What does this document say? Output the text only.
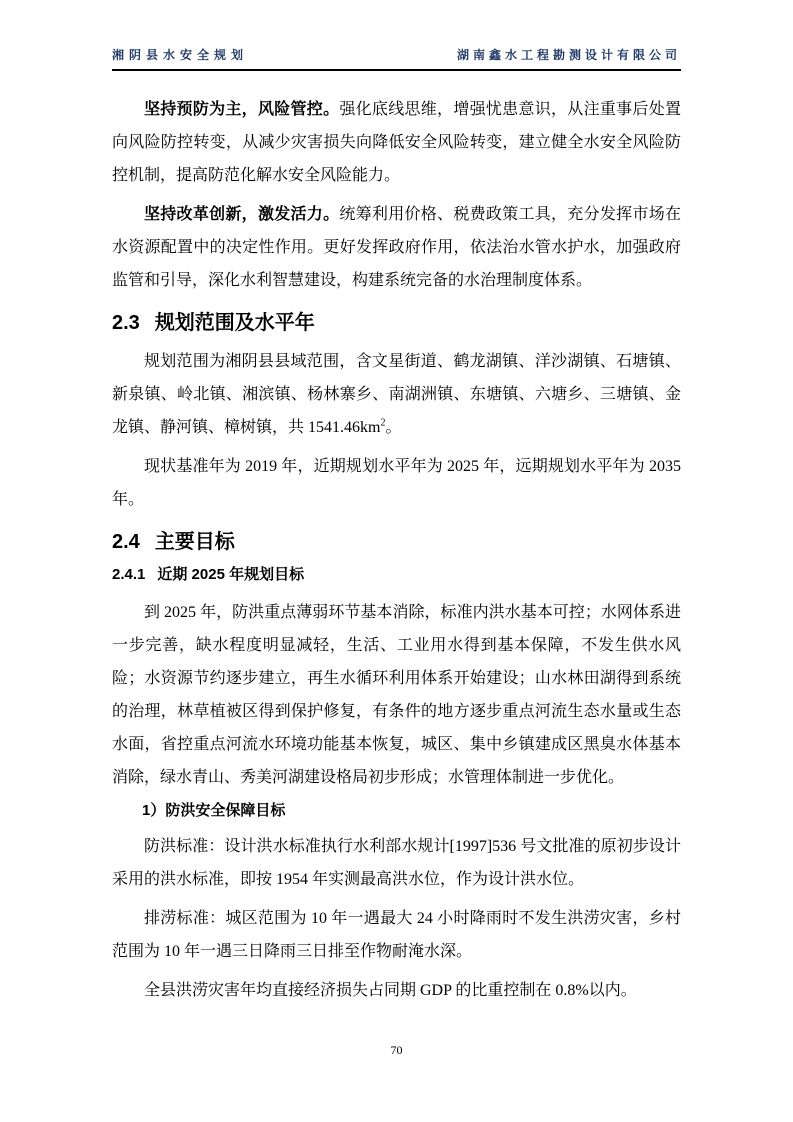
湘阴县水安全规划	湖南鑫水工程勘测设计有限公司

坚持预防为主，风险管控。强化底线思维，增强忧患意识，从注重事后处置向风险防控转变，从减少灾害损失向降低安全风险转变，建立健全水安全风险防控机制，提高防范化解水安全风险能力。

坚持改革创新，激发活力。统筹利用价格、税费政策工具，充分发挥市场在水资源配置中的决定性作用。更好发挥政府作用，依法治水管水护水，加强政府监管和引导，深化水利智慧建设，构建系统完备的水治理制度体系。

2.3 规划范围及水平年

规划范围为湘阴县县域范围，含文星街道、鹤龙湖镇、洋沙湖镇、石塘镇、新泉镇、岭北镇、湘滨镇、杨林寨乡、南湖洲镇、东塘镇、六塘乡、三塘镇、金龙镇、静河镇、樟树镇，共 $1541.46km^2$。

现状基准年为 2019 年，近期规划水平年为 2025 年，远期规划水平年为 2035 年。

2.4 主要目标
2.4.1 近期 2025 年规划目标

到 2025 年，防洪重点薄弱环节基本消除，标准内洪水基本可控；水网体系进一步完善，缺水程度明显减轻，生活、工业用水得到基本保障，不发生供水风险；水资源节约逐步建立，再生水循环利用体系开始建设；山水林田湖得到系统的治理，林草植被区得到保护修复，有条件的地方逐步重点河流生态水量或生态水面，省控重点河流水环境功能基本恢复，城区、集中乡镇建成区黑臭水体基本消除，绿水青山、秀美河湖建设格局初步形成；水管理体制进一步优化。

1）防洪安全保障目标

防洪标准：设计洪水标准执行水利部水规计[1997]536 号文批准的原初步设计采用的洪水标准，即按 1954 年实测最高洪水位，作为设计洪水位。

排涝标准：城区范围为 10 年一遇最大 24 小时降雨时不发生洪涝灾害，乡村范围为 10 年一遇三日降雨三日排至作物耐淹水深。

全县洪涝灾害年均直接经济损失占同期 GDP 的比重控制在 0.8%以内。

70
